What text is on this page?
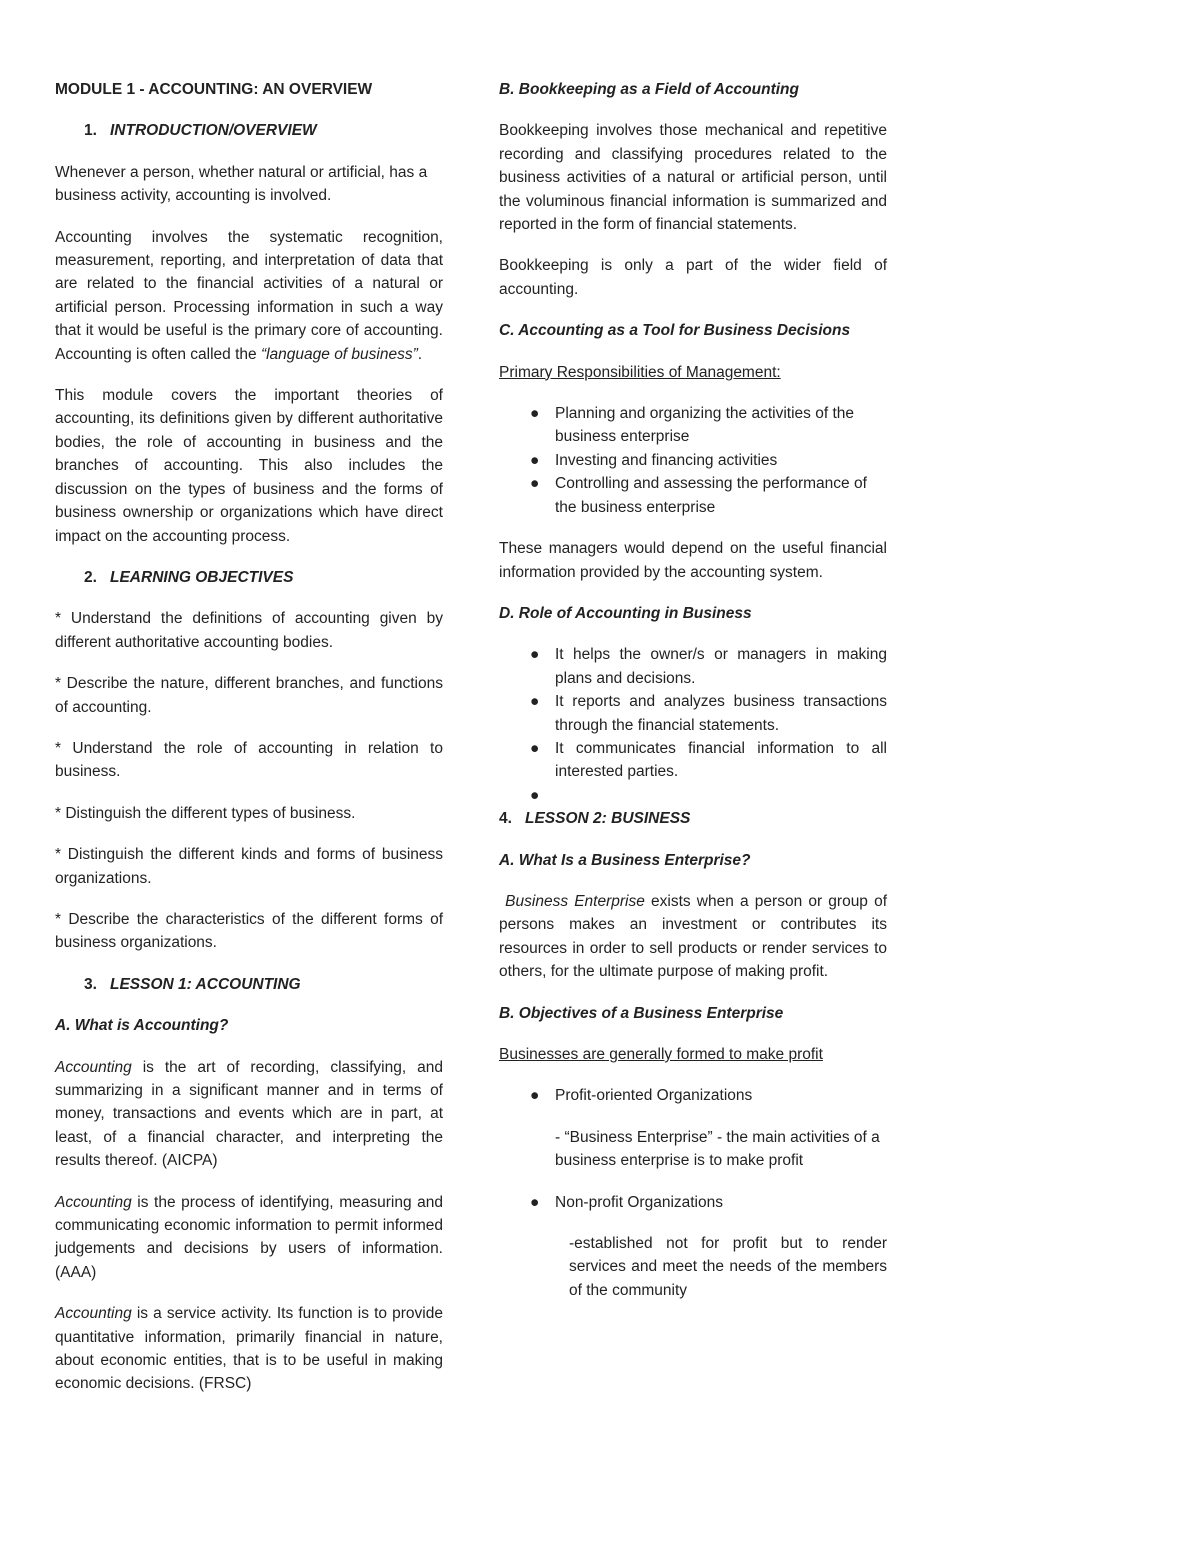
MODULE 1 - ACCOUNTING: AN OVERVIEW
1. INTRODUCTION/OVERVIEW

Whenever a person, whether natural or artificial, has a business activity, accounting is involved.

Accounting involves the systematic recognition, measurement, reporting, and interpretation of data that are related to the financial activities of a natural or artificial person. Processing information in such a way that it would be useful is the primary core of accounting. Accounting is often called the “language of business”.

This module covers the important theories of accounting, its definitions given by different authoritative bodies, the role of accounting in business and the branches of accounting. This also includes the discussion on the types of business and the forms of business ownership or organizations which have direct impact on the accounting process.

2. LEARNING OBJECTIVES

* Understand the definitions of accounting given by different authoritative accounting bodies.

* Describe the nature, different branches, and functions of accounting.

* Understand the role of accounting in relation to business.

* Distinguish the different types of business.

* Distinguish the different kinds and forms of business organizations.

* Describe the characteristics of the different forms of business organizations.

3. LESSON 1: ACCOUNTING
A. What is Accounting?

Accounting is the art of recording, classifying, and summarizing in a significant manner and in terms of money, transactions and events which are in part, at least, of a financial character, and interpreting the results thereof. (AICPA)

Accounting is the process of identifying, measuring and communicating economic information to permit informed judgements and decisions by users of information. (AAA)

Accounting is a service activity. Its function is to provide quantitative information, primarily financial in nature, about economic entities, that is to be useful in making economic decisions. (FRSC)

B. Bookkeeping as a Field of Accounting

Bookkeeping involves those mechanical and repetitive recording and classifying procedures related to the business activities of a natural or artificial person, until the voluminous financial information is summarized and reported in the form of financial statements.

Bookkeeping is only a part of the wider field of accounting.

C. Accounting as a Tool for Business Decisions

Primary Responsibilities of Management:

● Planning and organizing the activities of the business enterprise
● Investing and financing activities
● Controlling and assessing the performance of the business enterprise

These managers would depend on the useful financial information provided by the accounting system.

D. Role of Accounting in Business
● It helps the owner/s or managers in making plans and decisions.
● It reports and analyzes business transactions through the financial statements.
● It communicates financial information to all interested parties.
●
4. LESSON 2: BUSINESS
A. What Is a Business Enterprise?

Business Enterprise exists when a person or group of persons makes an investment or contributes its resources in order to sell products or render services to others, for the ultimate purpose of making profit.

B. Objectives of a Business Enterprise

Businesses are generally formed to make profit

● Profit-oriented Organizations

- “Business Enterprise” - the main activities of a business enterprise is to make profit

● Non-profit Organizations

-established not for profit but to render services and meet the needs of the members of the community
